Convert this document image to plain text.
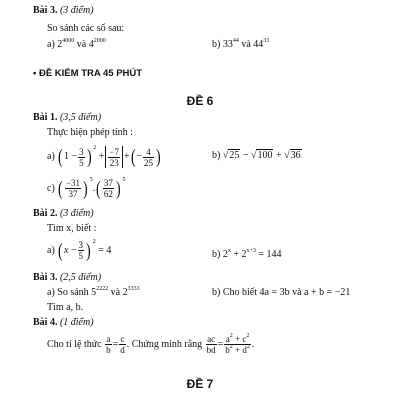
Bài 3. (3 điểm)
So sánh các số sau:
a) $2^{4000}$ và $4^{2000}$	b) $33^{44}$ và $44^{33}$
• ĐỀ KIỂM TRA 45 PHÚT
ĐỀ 6
Bài 1. (3,5 điểm)
Thực hiện phép tính :
a)
( 1
− $\frac{3}{5}$ ) 2

+ $\frac{-7}{23}$ + ( − $\frac{4}{25}$ )	b)
√25
−
√100
+
√36
c)
( $\frac{-31}{37}$ ) 5
. ( $\frac{37}{62}$ ) 5
Bài 2. (3 điểm)
Tìm x, biết :
a)
( x
− $\frac{3}{5}$ ) 2

= 4	b) $2^x + 2^{x+3} = 144$
Bài 3. (2,5 điểm)
a) So sánh $5^{2222}$ và $2^{3333}$	b) Cho biết 4a = 3b và a + b = −21
Tìm a, b.
Bài 4. (1 điểm)
Cho tỉ lệ thức
$\frac{a}{b} = \frac{c}{d}$ . Chứng minh rằng
$\frac{ac}{bd} = \frac{a^2 + c^2}{b^2 + d^2}$ .
ĐỀ 7
